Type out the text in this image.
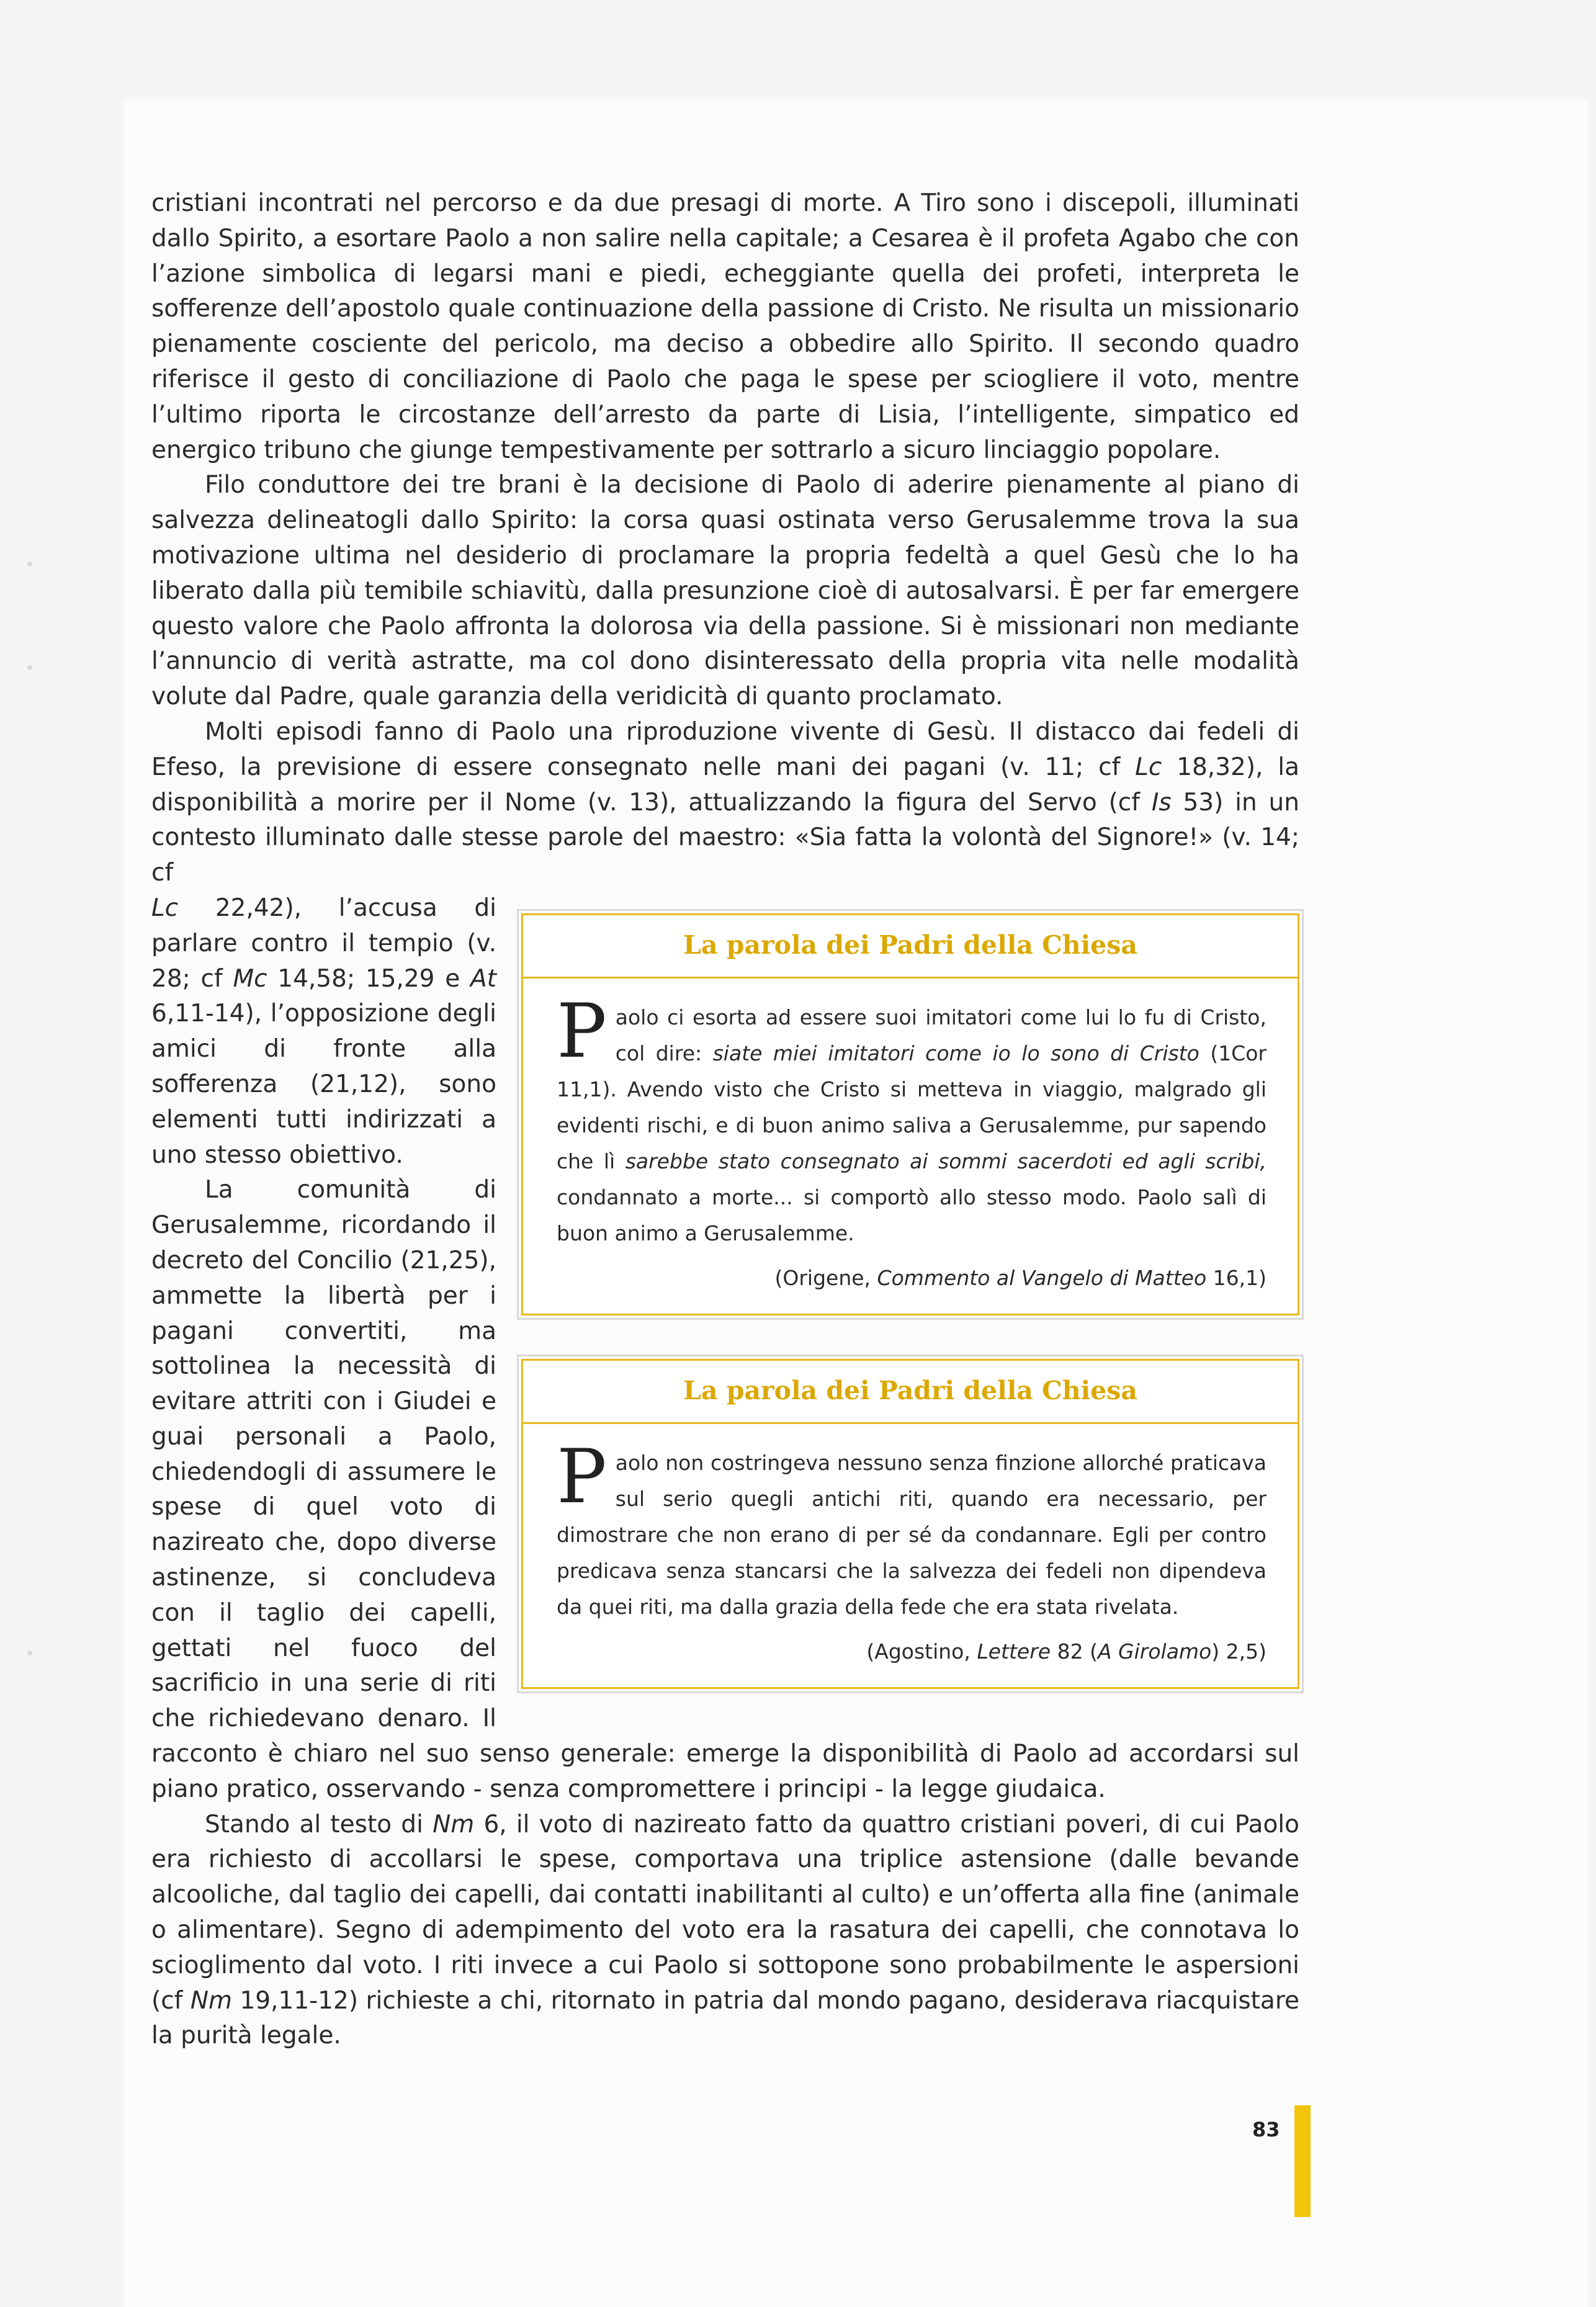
cristiani incontrati nel percorso e da due presagi di morte. A Tiro sono i discepoli, illuminati dallo Spirito, a esortare Paolo a non salire nella capitale; a Cesarea è il profeta Agabo che con l’azione simbolica di legarsi mani e piedi, echeggiante quella dei profeti, interpreta le sofferenze dell’apostolo quale continuazione della passione di Cristo. Ne risulta un missionario pienamente cosciente del pericolo, ma deciso a obbedire allo Spirito. Il secondo quadro riferisce il gesto di conciliazione di Paolo che paga le spese per sciogliere il voto, mentre l’ultimo riporta le circostanze dell’arresto da parte di Lisia, l’intelligente, simpatico ed energico tribuno che giunge tempestivamente per sottrarlo a sicuro linciaggio popolare.

Filo conduttore dei tre brani è la decisione di Paolo di aderire pienamente al piano di salvezza delineatogli dallo Spirito: la corsa quasi ostinata verso Gerusalemme trova la sua motivazione ultima nel desiderio di proclamare la propria fedeltà a quel Gesù che lo ha liberato dalla più temibile schiavitù, dalla presunzione cioè di autosalvarsi. È per far emergere questo valore che Paolo affronta la dolorosa via della passione. Si è missionari non mediante l’annuncio di verità astratte, ma col dono disinteressato della propria vita nelle modalità volute dal Padre, quale garanzia della veridicità di quanto proclamato.

Molti episodi fanno di Paolo una riproduzione vivente di Gesù. Il distacco dai fedeli di Efeso, la previsione di essere consegnato nelle mani dei pagani (v. 11; cf Lc 18,32), la disponibilità a morire per il Nome (v. 13), attualizzando la figura del Servo (cf Is 53) in un contesto illuminato dalle stesse parole del maestro: «Sia fatta la volontà del Signore!» (v. 14; cf

La parola dei Padri della Chiesa
Paolo ci esorta ad essere suoi imitatori come lui lo fu di Cristo, col dire: siate miei imitatori come io lo sono di Cristo (1Cor 11,1). Avendo visto che Cristo si metteva in viaggio, malgrado gli evidenti rischi, e di buon animo saliva a Gerusalemme, pur sapendo che lì sarebbe stato consegnato ai sommi sacerdoti ed agli scribi, condannato a morte... si comportò allo stesso modo. Paolo salì di buon animo a Gerusalemme.
(Origene, Commento al Vangelo di Matteo 16,1)
La parola dei Padri della Chiesa
Paolo non costringeva nessuno senza finzione allorché praticava sul serio quegli antichi riti, quando era necessario, per dimostrare che non erano di per sé da condannare. Egli per contro predicava senza stancarsi che la salvezza dei fedeli non dipendeva da quei riti, ma dalla grazia della fede che era stata rivelata.
(Agostino, Lettere 82 (A Girolamo) 2,5)

Lc 22,42), l’accusa di parlare contro il tempio (v. 28; cf Mc 14,58; 15,29 e At 6,11-14), l’opposizione degli amici di fronte alla sofferenza (21,12), sono elementi tutti indirizzati a uno stesso obiettivo.

La comunità di Gerusalemme, ricordando il decreto del Concilio (21,25), ammette la libertà per i pagani convertiti, ma sottolinea la necessità di evitare attriti con i Giudei e guai personali a Paolo, chiedendogli di assumere le spese di quel voto di nazireato che, dopo diverse astinenze, si concludeva con il taglio dei capelli, gettati nel fuoco del sacrificio in una serie di riti che richiedevano denaro. Il racconto è chiaro nel suo senso generale: emerge la disponibilità di Paolo ad accordarsi sul piano pratico, osservando - senza compromettere i principi - la legge giudaica.

Stando al testo di Nm 6, il voto di nazireato fatto da quattro cristiani poveri, di cui Paolo era richiesto di accollarsi le spese, comportava una triplice astensione (dalle bevande alcooliche, dal taglio dei capelli, dai contatti inabilitanti al culto) e un’offerta alla fine (animale o alimentare). Segno di adempimento del voto era la rasatura dei capelli, che connotava lo scioglimento dal voto. I riti invece a cui Paolo si sottopone sono probabilmente le aspersioni (cf Nm 19,11-12) richieste a chi, ritornato in patria dal mondo pagano, desiderava riacquistare la purità legale.

83
